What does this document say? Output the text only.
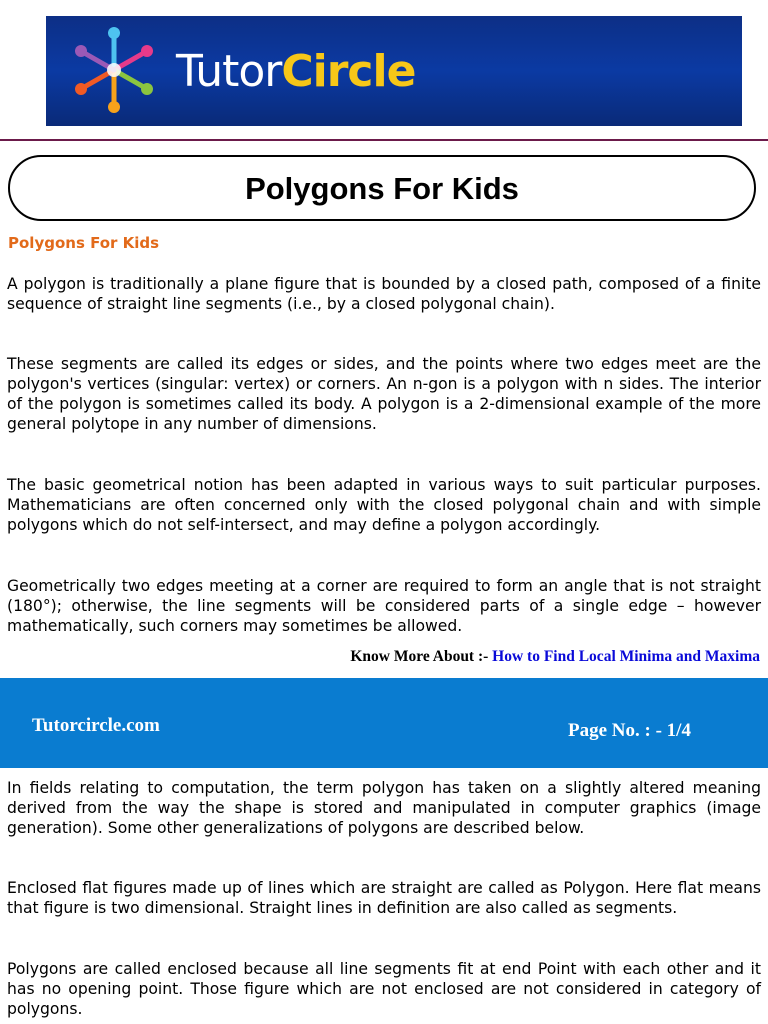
TutorCircle
Polygons For Kids
Polygons For Kids

A polygon is traditionally a plane figure that is bounded by a closed path, composed of a finite sequence of straight line segments (i.e., by a closed polygonal chain).

These segments are called its edges or sides, and the points where two edges meet are the polygon's vertices (singular: vertex) or corners. An n-gon is a polygon with n sides. The interior of the polygon is sometimes called its body. A polygon is a 2-dimensional example of the more general polytope in any number of dimensions.

The basic geometrical notion has been adapted in various ways to suit particular purposes. Mathematicians are often concerned only with the closed polygonal chain and with simple polygons which do not self-intersect, and may define a polygon accordingly.

Geometrically two edges meeting at a corner are required to form an angle that is not straight (180°); otherwise, the line segments will be considered parts of a single edge – however mathematically, such corners may sometimes be allowed.

Know More About :- How to Find Local Minima and Maxima
Tutorcircle.com	Page No. : - 1/4

In fields relating to computation, the term polygon has taken on a slightly altered meaning derived from the way the shape is stored and manipulated in computer graphics (image generation). Some other generalizations of polygons are described below.

Enclosed flat figures made up of lines which are straight are called as Polygon. Here flat means that figure is two dimensional. Straight lines in definition are also called as segments.

Polygons are called enclosed because all line segments fit at end Point with each other and it has no opening point. Those figure which are not enclosed are not considered in category of polygons.
